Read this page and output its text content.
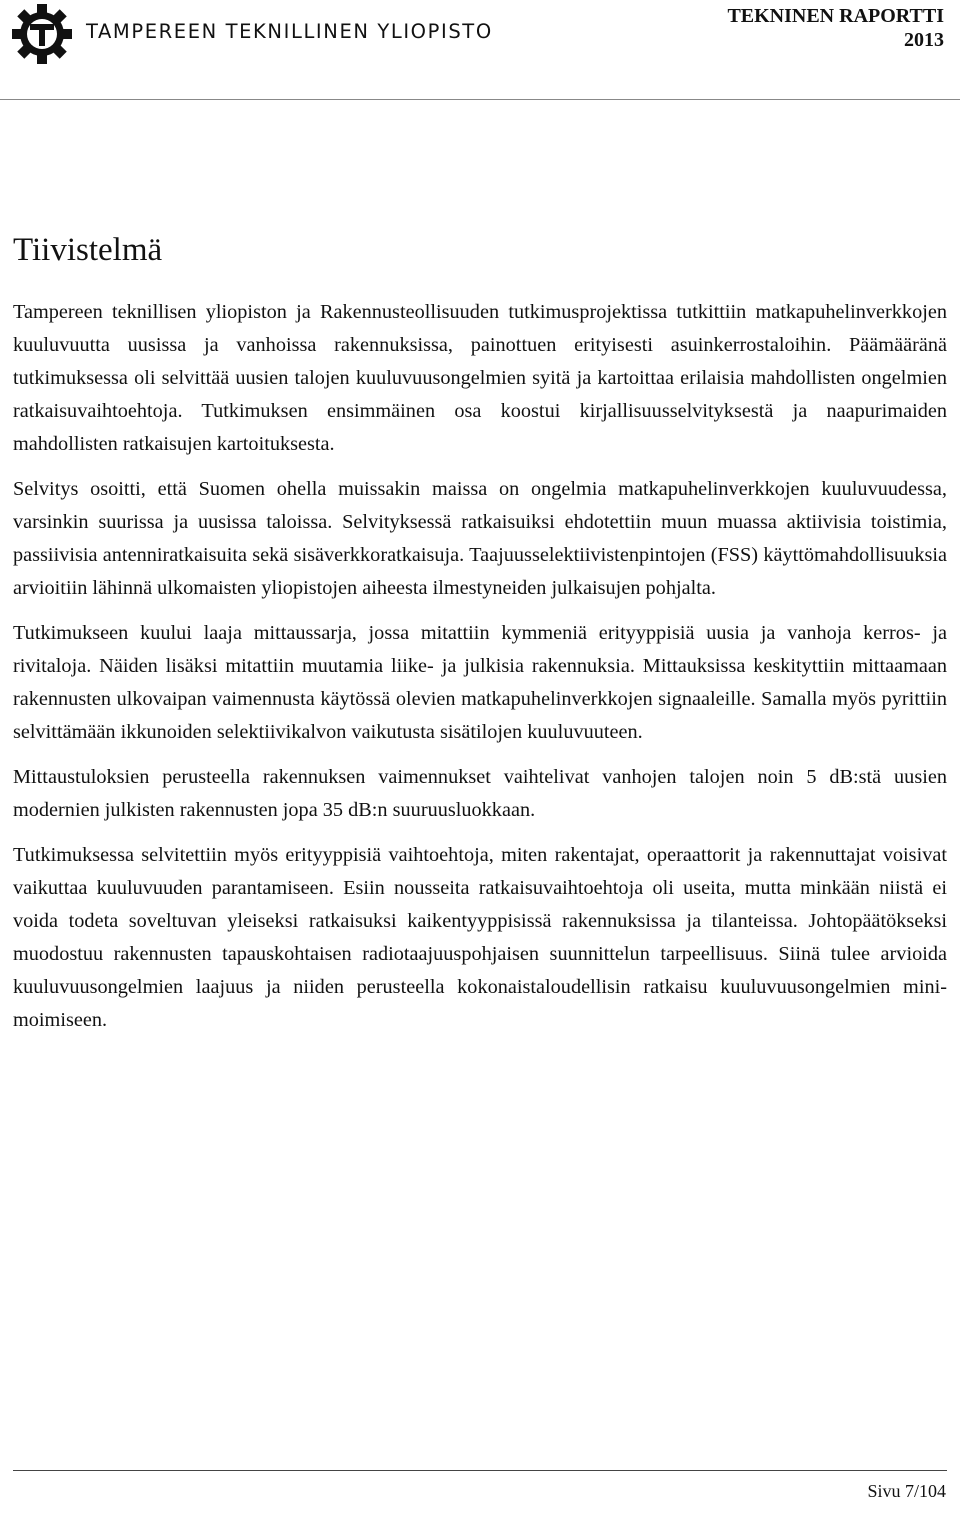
TAMPEREEN TEKNILLINEN YLIOPISTO
TEKNINEN RAPORTTI
2013
Tiivistelmä

Tampereen teknillisen yliopiston ja Rakennusteollisuuden tutkimusprojektissa tutkittiin matkapuhelinverkkojen kuuluvuutta uusissa ja vanhoissa rakennuksissa, painottuen erityisesti asuinkerrostaloihin. Päämääränä tutkimuksessa oli selvittää uusien talojen kuuluvuusongelmien syitä ja kartoittaa erilaisia mahdollisten ongelmien ratkaisuvaihtoehtoja. Tutkimuksen ensimmäinen osa koostui kirjallisuusselvityksestä ja naapurimaiden mahdollisten ratkaisujen kartoituksesta.

Selvitys osoitti, että Suomen ohella muissakin maissa on ongelmia matkapuhelinverkkojen kuuluvuudessa, varsinkin suurissa ja uusissa taloissa. Selvityksessä ratkaisuiksi ehdotettiin muun muassa aktiivisia toistimia, passiivisia antenniratkaisuita sekä sisäverkkoratkaisuja. Taajuusselektiivistenpintojen (FSS) käyttömahdollisuuksia arvioitiin lähinnä ulkomaisten yliopistojen aiheesta ilmestyneiden julkaisujen pohjalta.

Tutkimukseen kuului laaja mittaussarja, jossa mitattiin kymmeniä erityyppisiä uusia ja vanhoja kerros- ja rivitaloja. Näiden lisäksi mitattiin muutamia liike- ja julkisia rakennuksia. Mittauksissa keskityttiin mittaamaan rakennusten ulkovaipan vaimennusta käytössä olevien matkapuhelinverkkojen signaaleille. Samalla myös pyrittiin selvittämään ikkunoiden selektiivikalvon vaikutusta sisätilojen kuuluvuuteen.

Mittaustuloksien perusteella rakennuksen vaimennukset vaihtelivat vanhojen talojen noin 5 dB:stä uusien modernien julkisten rakennusten jopa 35 dB:n suuruusluokkaan.

Tutkimuksessa selvitettiin myös erityyppisiä vaihtoehtoja, miten rakentajat, operaattorit ja rakennuttajat voisivat vaikuttaa kuuluvuuden parantamiseen. Esiin nousseita ratkaisuvaihtoehtoja oli useita, mutta minkään niistä ei voida todeta soveltuvan yleiseksi ratkaisuksi kaikentyyppisissä rakennuksissa ja tilanteissa. Johtopäätökseksi muodostuu rakennusten tapauskohtaisen radiotaajuuspohjaisen suunnittelun tarpeellisuus. Siinä tulee arvioida kuuluvuusongelmien laajuus ja niiden perusteella kokonaistaloudellisin ratkaisu kuuluvuusongelmien minimoimiseen.

Sivu 7/104
